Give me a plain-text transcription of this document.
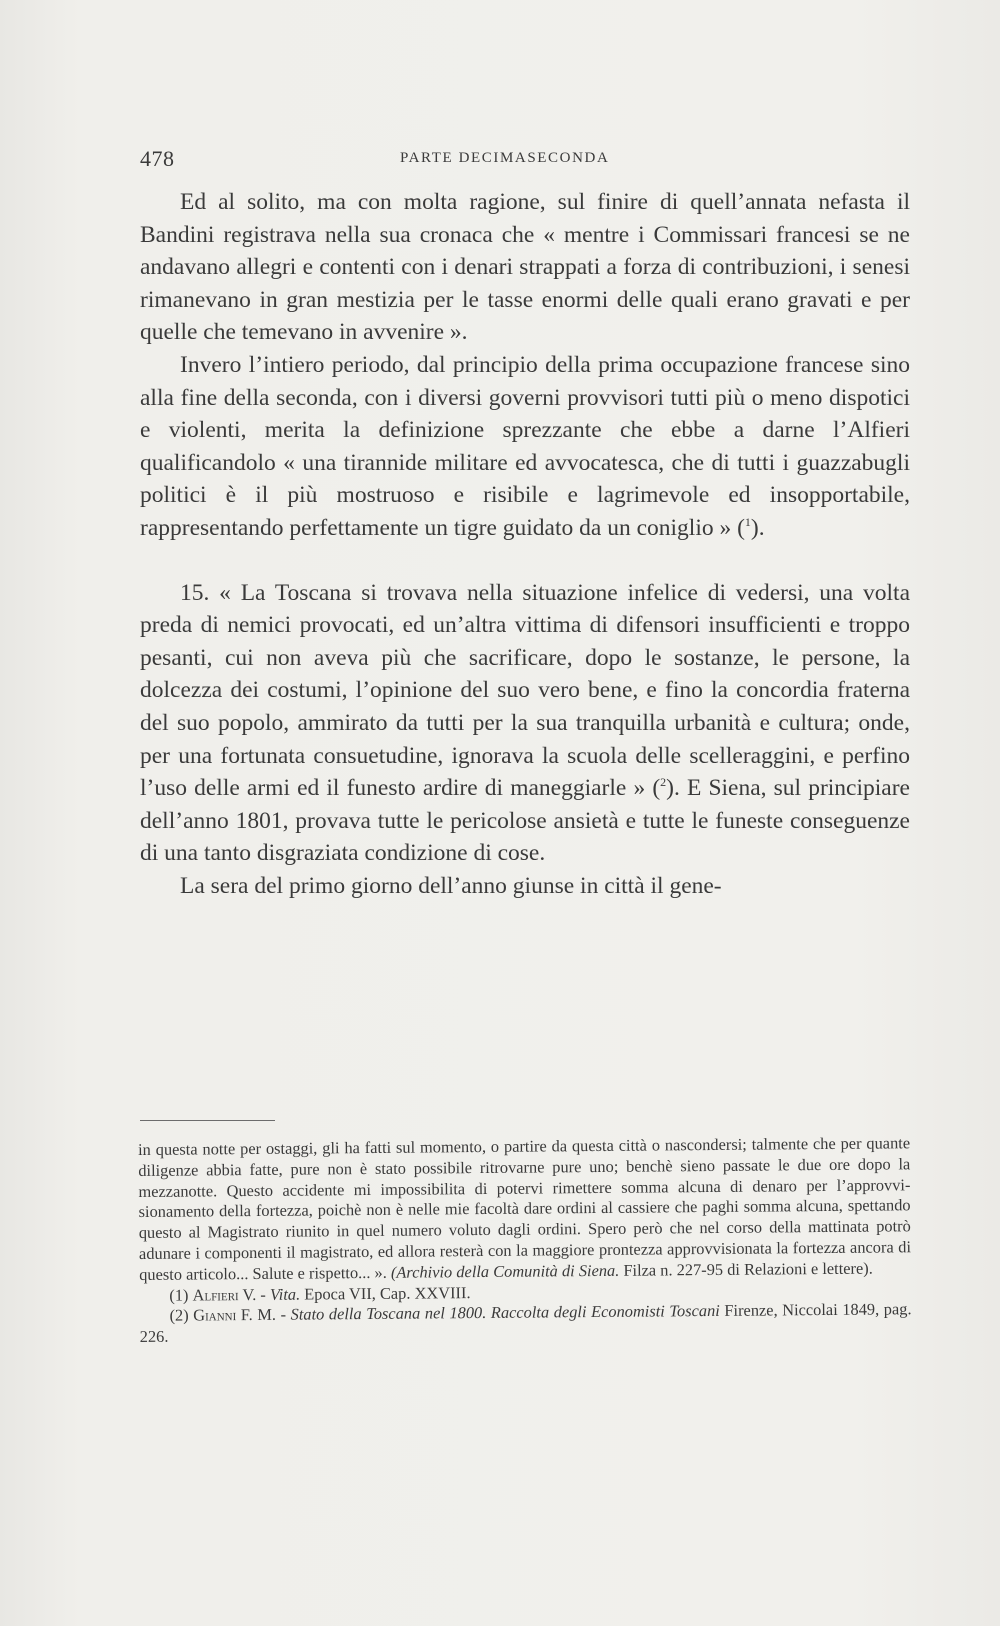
478	PARTE DECIMASECONDA

Ed al solito, ma con molta ragione, sul finire di quell’annata nefasta il Bandini registrava nella sua cronaca che « mentre i Commissari francesi se ne andavano allegri e contenti con i denari strappati a forza di contribuzioni, i senesi rimanevano in gran mestizia per le tasse enormi delle quali erano gravati e per quelle che temevano in avvenire ».

Invero l’intiero periodo, dal principio della prima occupazione francese sino alla fine della seconda, con i diversi governi provvisori tutti più o meno dispotici e violenti, merita la definizione sprezzante che ebbe a darne l’Alfieri qualificandolo « una tirannide militare ed avvocatesca, che di tutti i guazzabugli politici è il più mostruoso e risibile e lagrimevole ed insopportabile, rappresentando perfettamente un tigre guidato da un coniglio » ($^1$).

15. « La Toscana si trovava nella situazione infelice di vedersi, una volta preda di nemici provocati, ed un’altra vittima di difensori insufficienti e troppo pesanti, cui non aveva più che sacrificare, dopo le sostanze, le persone, la dolcezza dei costumi, l’opinione del suo vero bene, e fino la concordia fraterna del suo popolo, ammirato da tutti per la sua tranquilla urbanità e cultura; onde, per una fortunata consuetudine, ignorava la scuola delle scelleraggini, e perfino l’uso delle armi ed il funesto ardire di maneggiarle » ($^2$). E Siena, sul principiare dell’anno 1801, provava tutte le pericolose ansietà e tutte le funeste conseguenze di una tanto disgraziata condizione di cose.

La sera del primo giorno dell’anno giunse in città il gene-

in questa notte per ostaggi, gli ha fatti sul momento, o partire da questa città o nascondersi; talmente che per quante diligenze abbia fatte, pure non è stato possibile ritrovarne pure uno; benchè sieno passate le due ore dopo la mezzanotte. Questo accidente mi impossibilita di potervi rimettere somma alcuna di denaro per l’approvvisionamento della fortezza, poichè non è nelle mie facoltà dare ordini al cassiere che paghi somma alcuna, spettando questo al Magistrato riunito in quel numero voluto dagli ordini. Spero però che nel corso della mattinata potrò adunare i componenti il magistrato, ed allora resterà con la maggiore prontezza approvvisionata la fortezza ancora di questo articolo... Salute e rispetto... ». (Archivio della Comunità di Siena. Filza n. 227-95 di Relazioni e lettere).

(1) Alfieri V. - Vita. Epoca VII, Cap. XXVIII.

(2) Gianni F. M. - Stato della Toscana nel 1800. Raccolta degli Economisti Toscani Firenze, Niccolai 1849, pag. 226.
